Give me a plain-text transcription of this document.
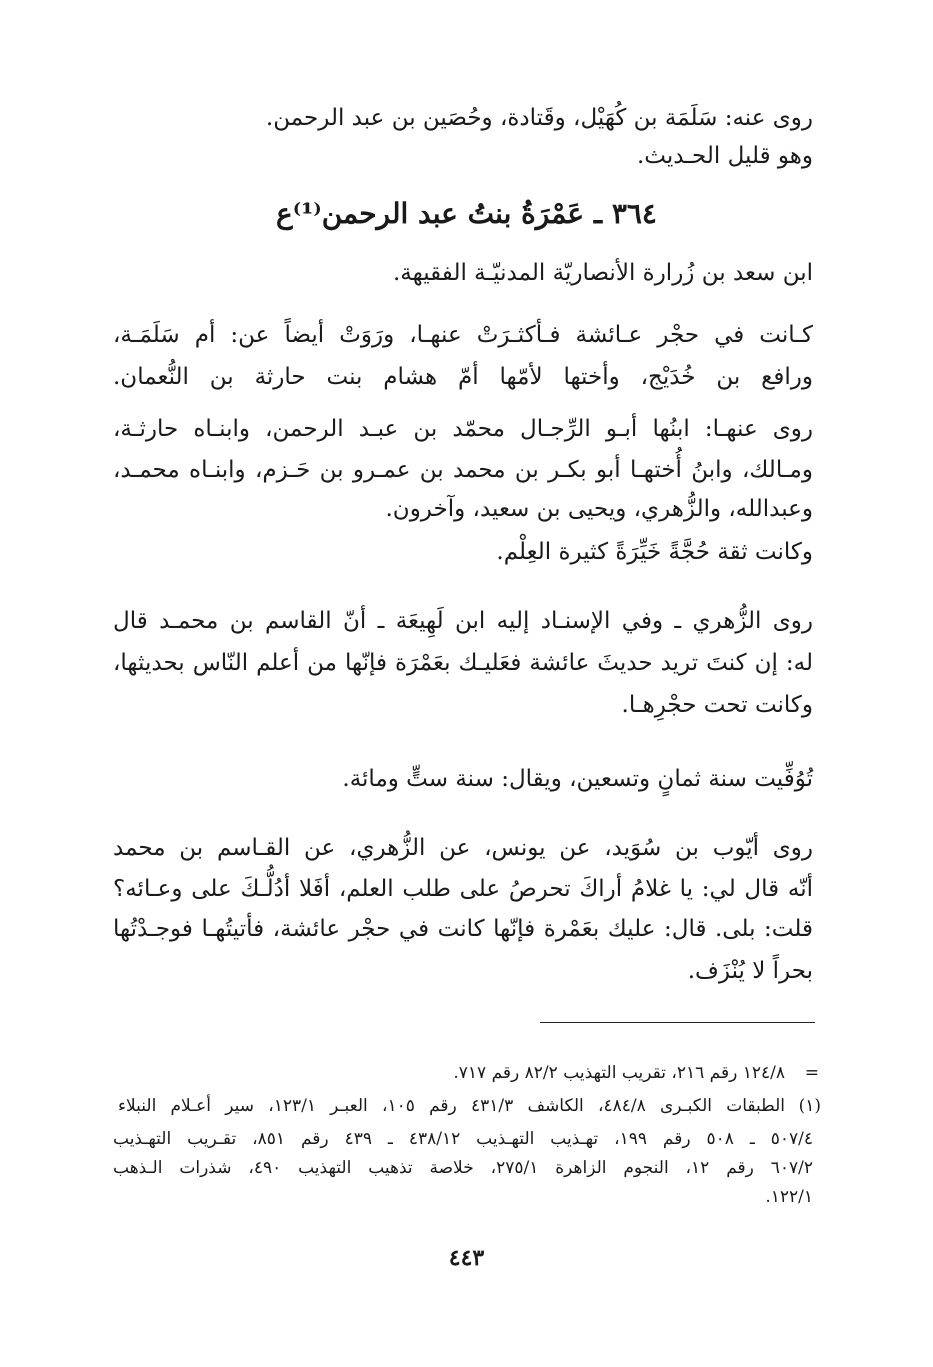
روى عنه: سَلَمَة بن كُهَيْل، وقَتادة، وحُصَين بن عبد الرحمن.
وهو قليل الحـديث.
٣٦٤ ـ عَمْرَةُ بنتُ عبد الرحمن⁽¹⁾ع
ابن سعد بن زُرارة الأنصاريّة المدنيّـة الفقيهة.
كـانت في حجْر عـائشة فـأكثـرَتْ عنهـا، ورَوَتْ أيضاً عن: أم سَلَمَـة،
ورافع بن خُدَيْج، وأختها لأمّها أمّ هشام بنت حارثة بن النُّعمان.
روى عنهـا: ابنُها أبـو الرِّجـال محمّد بن عبـد الرحمن، وابنـاه حارثـة،
ومـالك، وابنُ أُختهـا أبو بكـر بن محمد بن عمـرو بن حَـزم، وابنـاه محمـد،
وعبدالله، والزُّهري، ويحيى بن سعيد، وآخرون.
وكانت ثقة حُجَّةً خَيِّرَةً كثيرة العِلْم.
روى الزُّهري ـ وفي الإسنـاد إليه ابن لَهِيعَة ـ أنّ القاسم بن محمـد قال
له: إن كنتَ تريد حديثَ عائشة فعَليـك بعَمْرَة فإنّها من أعلم النّاس بحديثها،
وكانت تحت حجْرِهـا.
تُوُفِّيت سنة ثمانٍ وتسعين، ويقال: سنة ستٍّ ومائة.
روى أيّوب بن سُوَيد، عن يونس، عن الزُّهري، عن القـاسم بن محمد
أنّه قال لي: يا غلامُ أراكَ تحرصُ على طلب العلم، أفَلا أدُلُّـكَ على وعـائه؟
قلت: بلى. قال: عليك بعَمْرة فإنّها كانت في حجْر عائشة، فأتيتُهـا فوجـدْتُها
بحراً لا يُنْزَف.
=
١٢٤/٨ رقم ٢١٦، تقريب التهذيب ٨٢/٢ رقم ٧١٧.
(١)
الطبقات الكبـرى ٤٨٤/٨، الكاشف ٤٣١/٣ رقم ١٠٥، العبـر ١٢٣/١، سير أعـلام النبلاء
٥٠٧/٤ ـ ٥٠٨ رقم ١٩٩، تهـذيب التهـذيب ٤٣٨/١٢ ـ ٤٣٩ رقم ٨٥١، تقـريب التهـذيب
٦٠٧/٢ رقم ١٢، النجوم الزاهرة ٢٧٥/١، خلاصة تذهيب التهذيب ٤٩٠، شذرات الـذهب
١٢٢/١.
٤٤٣
